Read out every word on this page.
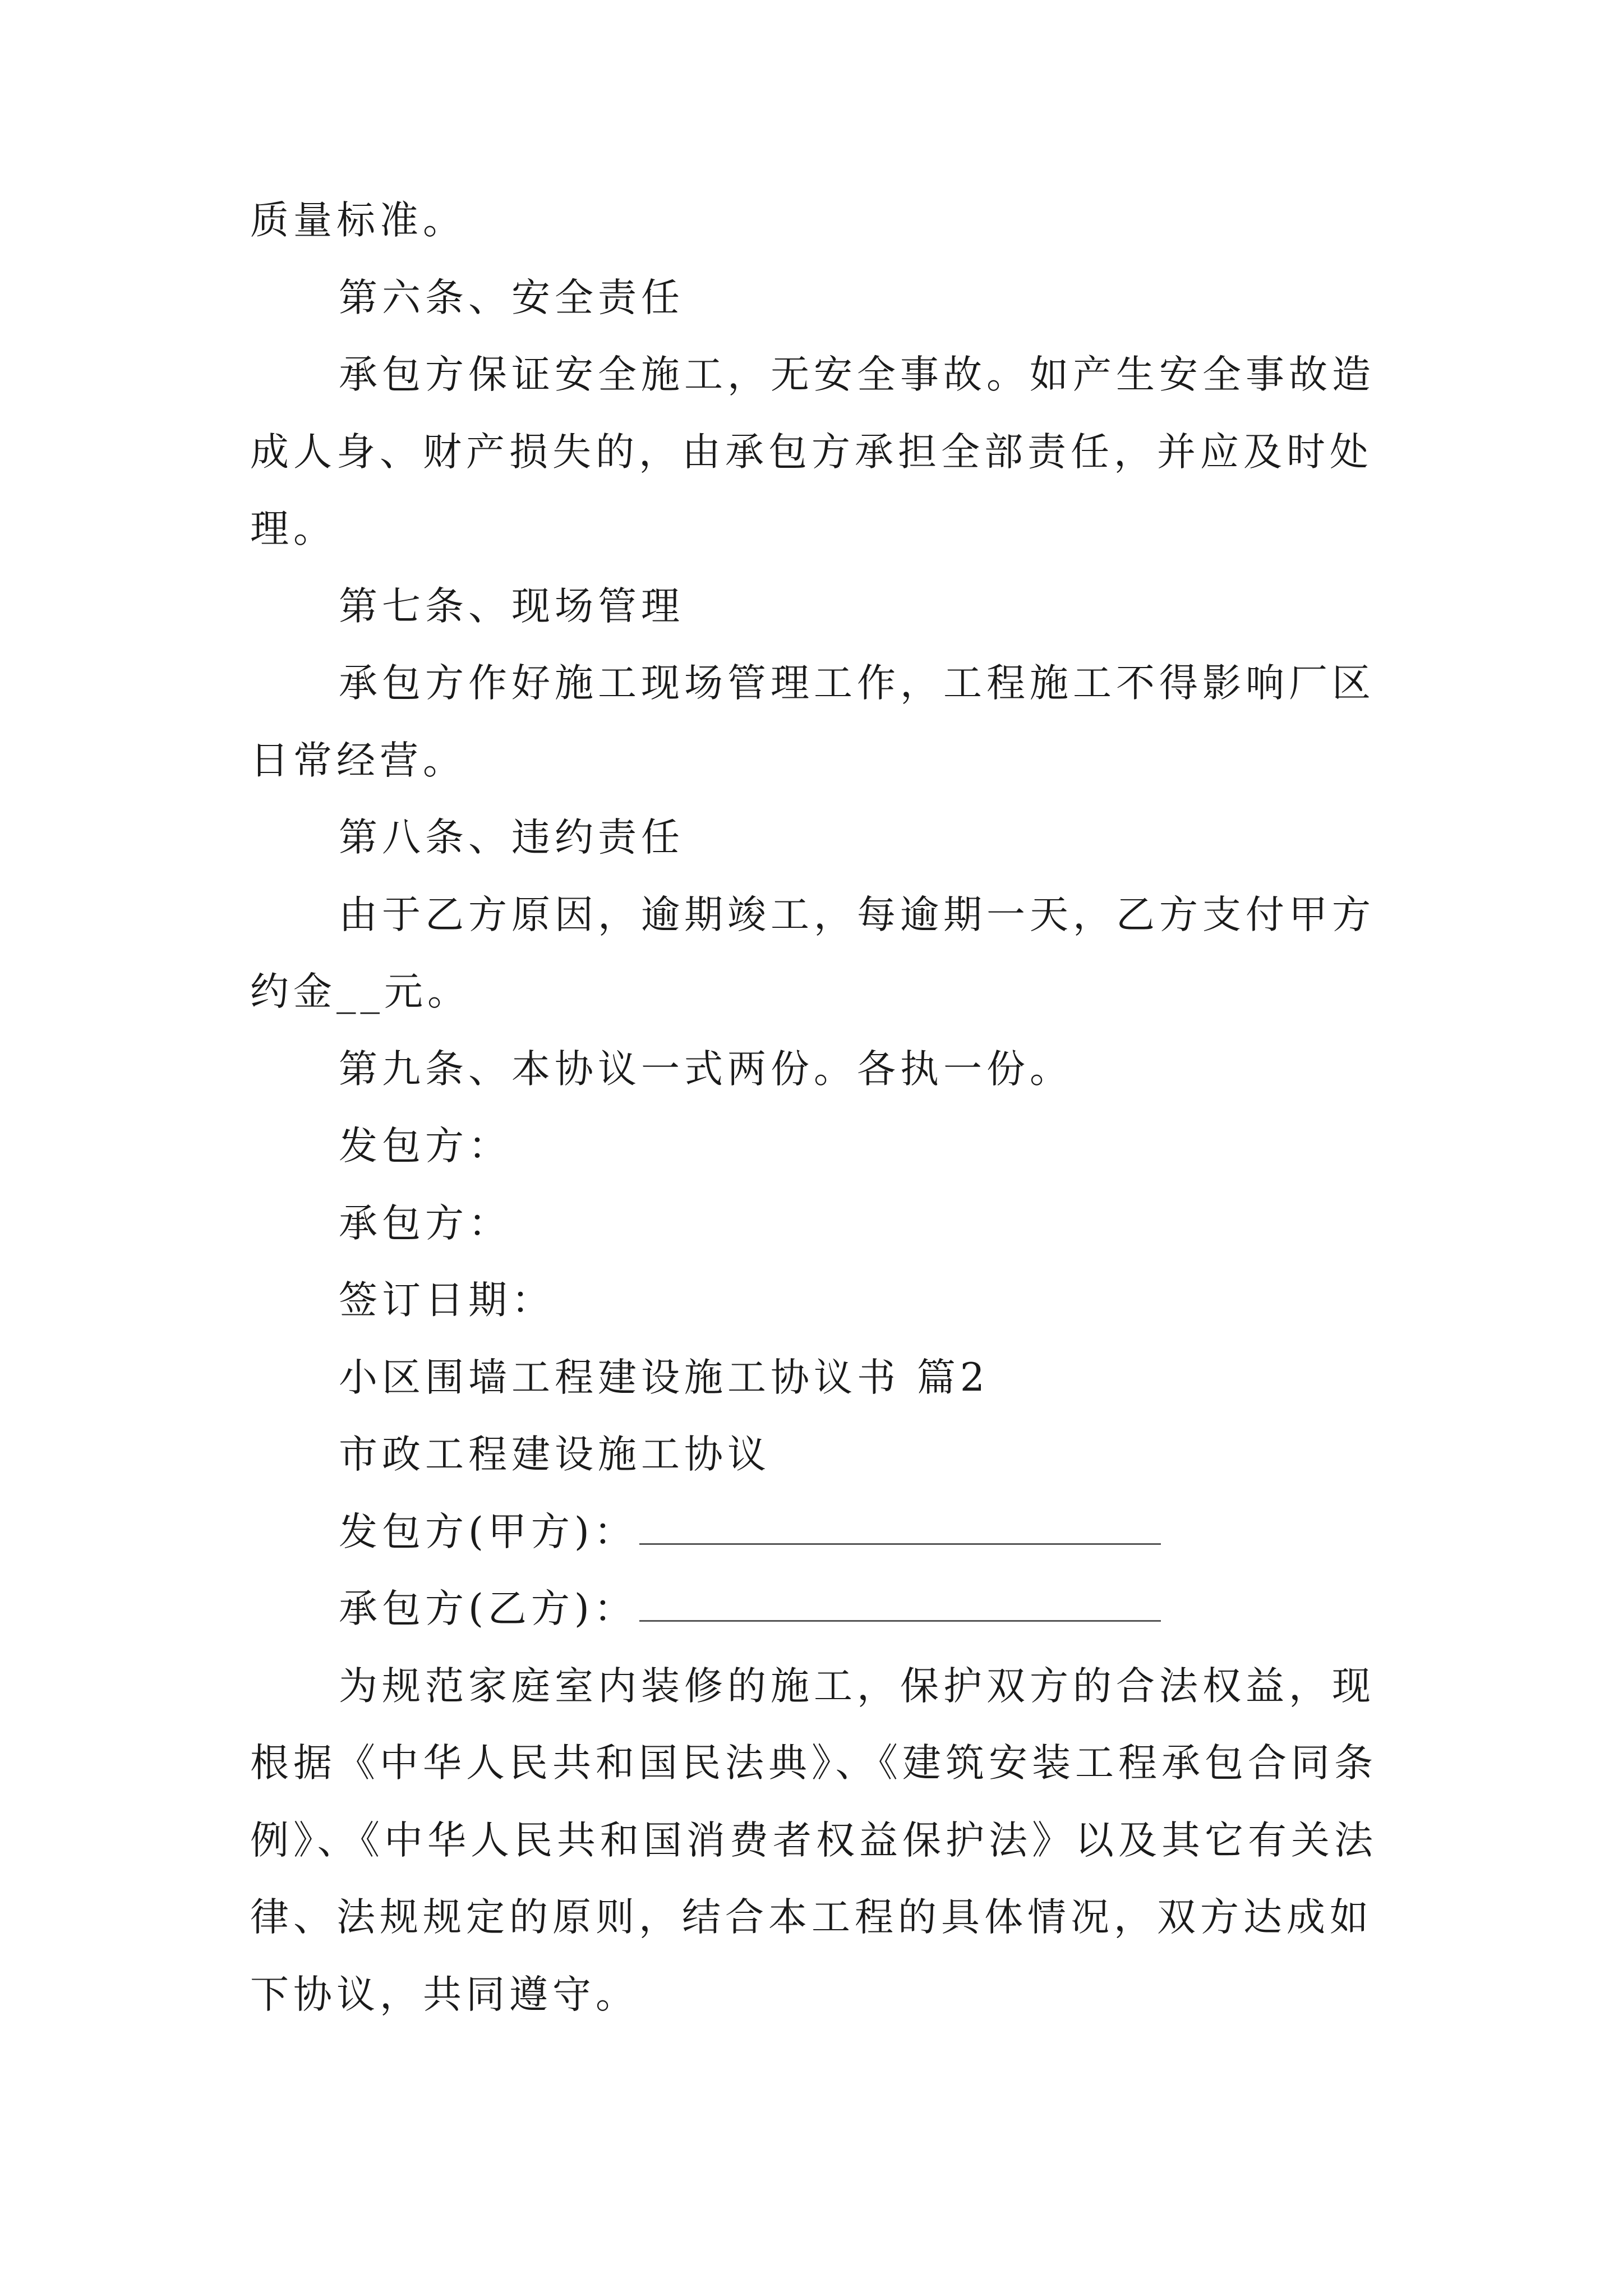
质量标准。
第六条、安全责任
承包方保证安全施工，无安全事故。如产生安全事故造
成人身、财产损失的，由承包方承担全部责任，并应及时处
理。
第七条、现场管理
承包方作好施工现场管理工作，工程施工不得影响厂区
日常经营。
第八条、违约责任
由于乙方原因，逾期竣工，每逾期一天，乙方支付甲方
约金__元。
第九条、本协议一式两份。各执一份。
发包方：
承包方：
签订日期：
小区围墙工程建设施工协议书 篇2
市政工程建设施工协议
发包方(甲方)：
承包方(乙方)：
为规范家庭室内装修的施工，保护双方的合法权益，现
根据《中华人民共和国民法典》、《建筑安装工程承包合同条
例》、《中华人民共和国消费者权益保护法》以及其它有关法
律、法规规定的原则，结合本工程的具体情况，双方达成如
下协议，共同遵守。
